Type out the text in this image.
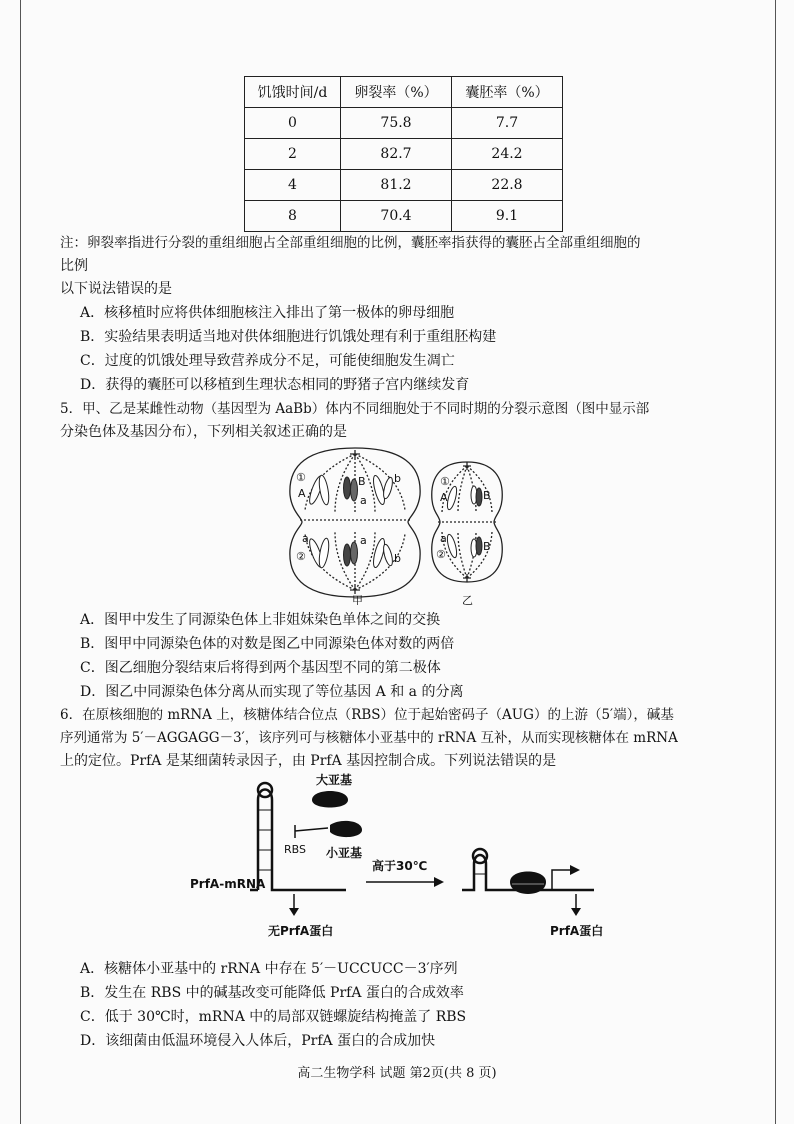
饥饿时间/d	卵裂率（%）	囊胚率（%）
0	75.8	7.7
2	82.7	24.2
4	81.2	22.8
8	70.4	9.1
注：卵裂率指进行分裂的重组细胞占全部重组细胞的比例，囊胚率指获得的囊胚占全部重组细胞的
比例
以下说法错误的是
A．核移植时应将供体细胞核注入排出了第一极体的卵母细胞
B．实验结果表明适当地对供体细胞进行饥饿处理有利于重组胚构建
C．过度的饥饿处理导致营养成分不足，可能使细胞发生凋亡
D．获得的囊胚可以移植到生理状态相同的野猪子宫内继续发育
5．甲、乙是某雌性动物（基因型为 AaBb）体内不同细胞处于不同时期的分裂示意图（图中显示部
分染色体及基因分布），下列相关叙述正确的是
①
A
B
a
b
a
②
a
b
甲
①
A	B
a
②
B
乙
A．图甲中发生了同源染色体上非姐妹染色单体之间的交换
B．图甲中同源染色体的对数是图乙中同源染色体对数的两倍
C．图乙细胞分裂结束后将得到两个基因型不同的第二极体
D．图乙中同源染色体分离从而实现了等位基因 A 和 a 的分离
6．在原核细胞的 mRNA 上，核糖体结合位点（RBS）位于起始密码子（AUG）的上游（5′端），碱基
序列通常为 5′－AGGAGG－3′，该序列可与核糖体小亚基中的 rRNA 互补，从而实现核糖体在 mRNA
上的定位。PrfA 是某细菌转录因子，由 PrfA 基因控制合成。下列说法错误的是
大亚基
小亚基
RBS
PrfA-mRNA
无PrfA蛋白
高于30℃
PrfA蛋白
A．核糖体小亚基中的 rRNA 中存在 5′－UCCUCC－3′序列
B．发生在 RBS 中的碱基改变可能降低 PrfA 蛋白的合成效率
C．低于 30℃时，mRNA 中的局部双链螺旋结构掩盖了 RBS
D．该细菌由低温环境侵入人体后，PrfA 蛋白的合成加快
高二生物学科 试题 第2页(共 8 页)
